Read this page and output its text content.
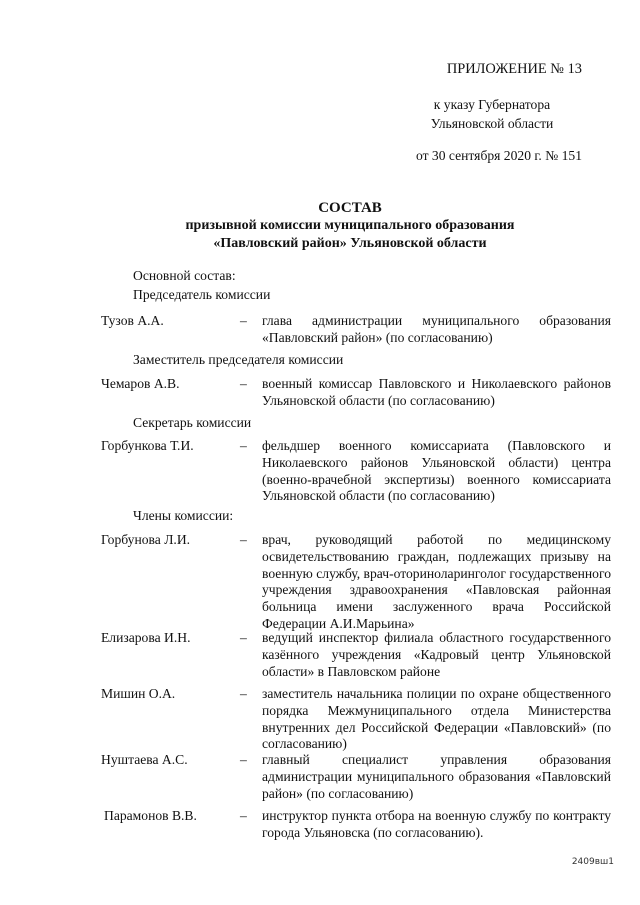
ПРИЛОЖЕНИЕ № 13
к указу Губернатора Ульяновской области
от 30 сентября 2020 г. № 151
СОСТАВ
призывной комиссии муниципального образования «Павловский район» Ульяновской области
Основной состав:
Председатель комиссии
Тузов А.А.	– глава администрации муниципального образования «Павловский район» (по согласованию)
Заместитель председателя комиссии
Чемаров А.В.	– военный комиссар Павловского и Николаевского районов Ульяновской области (по согласованию)
Секретарь комиссии
Горбункова Т.И.	– фельдшер военного комиссариата (Павловского и Николаевского районов Ульяновской области) центра (военно-врачебной экспертизы) военного комиссариата Ульяновской области (по согласованию)
Члены комиссии:
Горбунова Л.И.	– врач, руководящий работой по медицинскому освидетельствованию граждан, подлежащих призыву на военную службу, врач-оториноларинголог государственного учреждения здравоохранения «Павловская районная больница имени заслуженного врача Российской Федерации А.И.Марьина»
Елизарова И.Н.	– ведущий инспектор филиала областного государственного казённого учреждения «Кадровый центр Ульяновской области» в Павловском районе
Мишин О.А.	– заместитель начальника полиции по охране общественного порядка Межмуниципального отдела Министерства внутренних дел Российской Федерации «Павловский» (по согласованию)
Нуштаева А.С.	– главный специалист управления образования администрации муниципального образования «Павловский район» (по согласованию)
Парамонов В.В.	– инструктор пункта отбора на военную службу по контракту города Ульяновска (по согласованию).
2409вш1
